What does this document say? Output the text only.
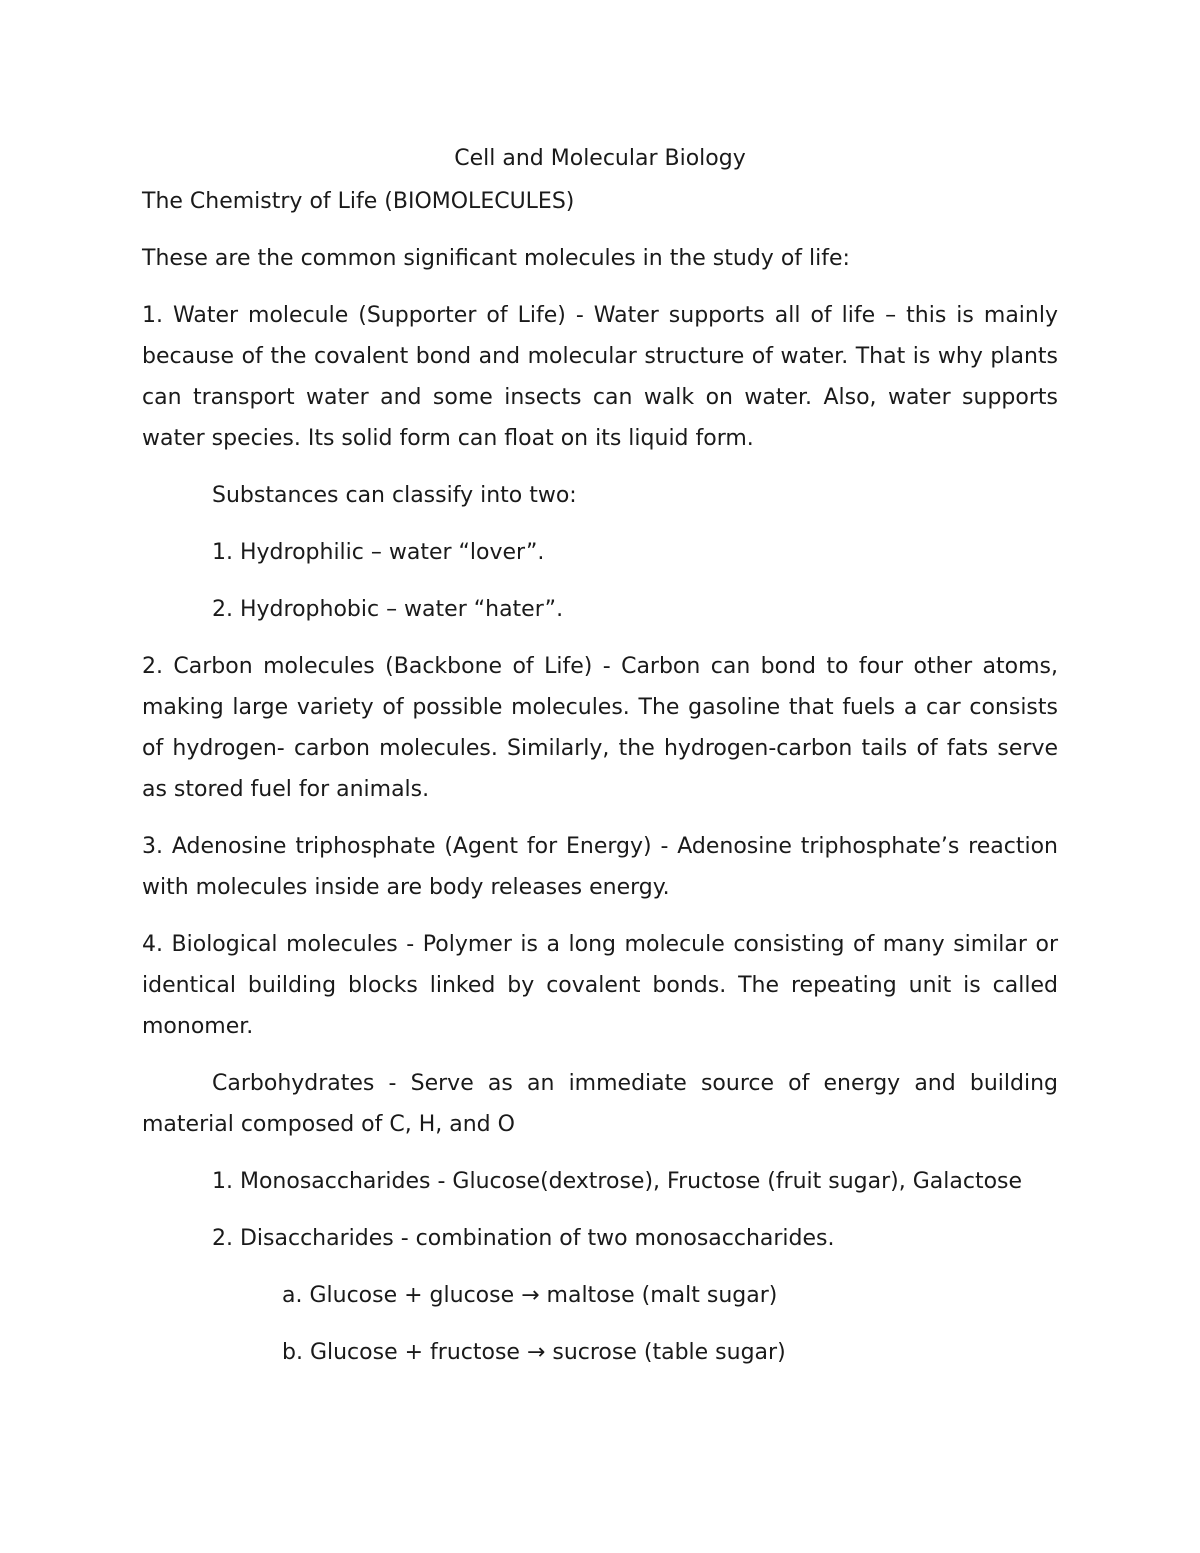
Cell and Molecular Biology

The Chemistry of Life (BIOMOLECULES)

These are the common significant molecules in the study of life:

1. Water molecule (Supporter of Life) - Water supports all of life – this is mainly because of the covalent bond and molecular structure of water. That is why plants can transport water and some insects can walk on water. Also, water supports water species. Its solid form can float on its liquid form.

Substances can classify into two:

1. Hydrophilic – water “lover”.

2. Hydrophobic – water “hater”.

2. Carbon molecules (Backbone of Life) - Carbon can bond to four other atoms, making large variety of possible molecules. The gasoline that fuels a car consists of hydrogen- carbon molecules. Similarly, the hydrogen-carbon tails of fats serve as stored fuel for animals.

3. Adenosine triphosphate (Agent for Energy) - Adenosine triphosphate’s reaction with molecules inside are body releases energy.

4. Biological molecules - Polymer is a long molecule consisting of many similar or identical building blocks linked by covalent bonds. The repeating unit is called monomer.

Carbohydrates - Serve as an immediate source of energy and building material composed of C, H, and O

1. Monosaccharides - Glucose(dextrose), Fructose (fruit sugar), Galactose

2. Disaccharides - combination of two monosaccharides.

a. Glucose + glucose → maltose (malt sugar)

b. Glucose + fructose → sucrose (table sugar)
